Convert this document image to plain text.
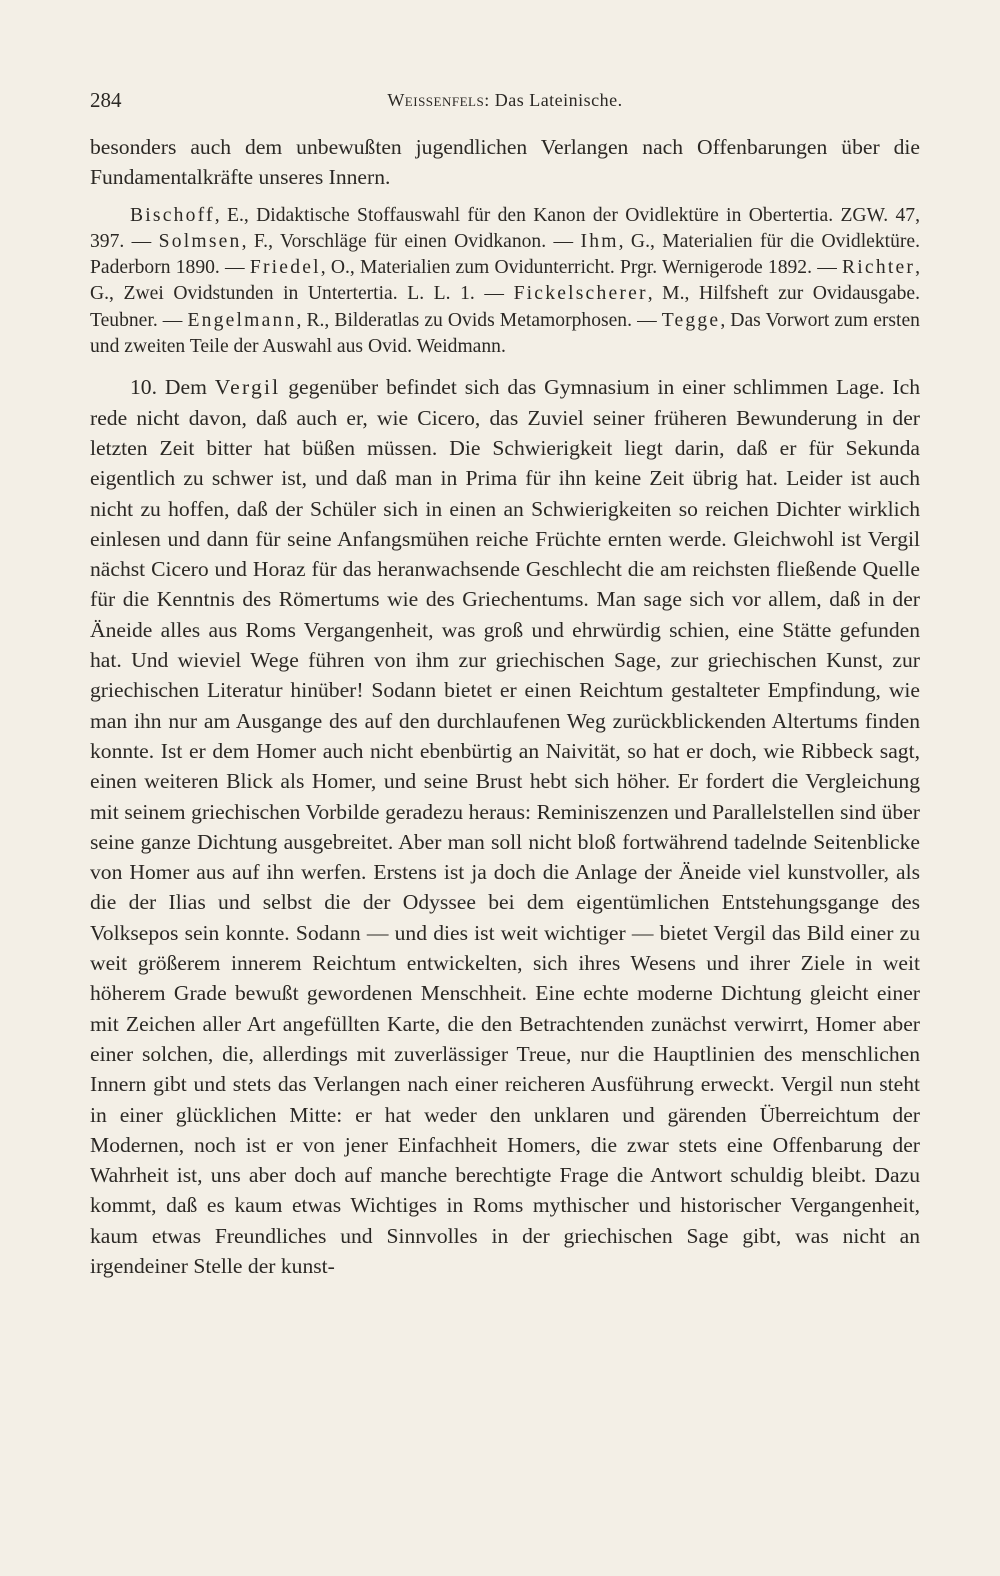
284	Weissenfels: Das Lateinische.

besonders auch dem unbewußten jugendlichen Verlangen nach Offenbarungen über die Fundamentalkräfte unseres Innern.

Bischoff, E., Didaktische Stoffauswahl für den Kanon der Ovidlektüre in Obertertia. ZGW. 47, 397. — Solmsen, F., Vorschläge für einen Ovidkanon. — Ihm, G., Materialien für die Ovidlektüre. Paderborn 1890. — Friedel, O., Materialien zum Ovidunterricht. Prgr. Wernigerode 1892. — Richter, G., Zwei Ovidstunden in Untertertia. L. L. 1. — Fickelscherer, M., Hilfsheft zur Ovidausgabe. Teubner. — Engelmann, R., Bilderatlas zu Ovids Metamorphosen. — Tegge, Das Vorwort zum ersten und zweiten Teile der Auswahl aus Ovid. Weidmann.

10. Dem Vergil gegenüber befindet sich das Gymnasium in einer schlimmen Lage. Ich rede nicht davon, daß auch er, wie Cicero, das Zuviel seiner früheren Bewunderung in der letzten Zeit bitter hat büßen müssen. Die Schwierigkeit liegt darin, daß er für Sekunda eigentlich zu schwer ist, und daß man in Prima für ihn keine Zeit übrig hat. Leider ist auch nicht zu hoffen, daß der Schüler sich in einen an Schwierigkeiten so reichen Dichter wirklich einlesen und dann für seine Anfangsmühen reiche Früchte ernten werde. Gleichwohl ist Vergil nächst Cicero und Horaz für das heranwachsende Geschlecht die am reichsten fließende Quelle für die Kenntnis des Römertums wie des Griechentums. Man sage sich vor allem, daß in der Äneide alles aus Roms Vergangenheit, was groß und ehrwürdig schien, eine Stätte gefunden hat. Und wieviel Wege führen von ihm zur griechischen Sage, zur griechischen Kunst, zur griechischen Literatur hinüber! Sodann bietet er einen Reichtum gestalteter Empfindung, wie man ihn nur am Ausgange des auf den durchlaufenen Weg zurückblickenden Altertums finden konnte. Ist er dem Homer auch nicht ebenbürtig an Naivität, so hat er doch, wie Ribbeck sagt, einen weiteren Blick als Homer, und seine Brust hebt sich höher. Er fordert die Vergleichung mit seinem griechischen Vorbilde geradezu heraus: Reminiszenzen und Parallelstellen sind über seine ganze Dichtung ausgebreitet. Aber man soll nicht bloß fortwährend tadelnde Seitenblicke von Homer aus auf ihn werfen. Erstens ist ja doch die Anlage der Äneide viel kunstvoller, als die der Ilias und selbst die der Odyssee bei dem eigentümlichen Entstehungsgange des Volksepos sein konnte. Sodann — und dies ist weit wichtiger — bietet Vergil das Bild einer zu weit größerem innerem Reichtum entwickelten, sich ihres Wesens und ihrer Ziele in weit höherem Grade bewußt gewordenen Menschheit. Eine echte moderne Dichtung gleicht einer mit Zeichen aller Art angefüllten Karte, die den Betrachtenden zunächst verwirrt, Homer aber einer solchen, die, allerdings mit zuverlässiger Treue, nur die Hauptlinien des menschlichen Innern gibt und stets das Verlangen nach einer reicheren Ausführung erweckt. Vergil nun steht in einer glücklichen Mitte: er hat weder den unklaren und gärenden Überreichtum der Modernen, noch ist er von jener Einfachheit Homers, die zwar stets eine Offenbarung der Wahrheit ist, uns aber doch auf manche berechtigte Frage die Antwort schuldig bleibt. Dazu kommt, daß es kaum etwas Wichtiges in Roms mythischer und historischer Vergangenheit, kaum etwas Freundliches und Sinnvolles in der griechischen Sage gibt, was nicht an irgendeiner Stelle der kunst-
